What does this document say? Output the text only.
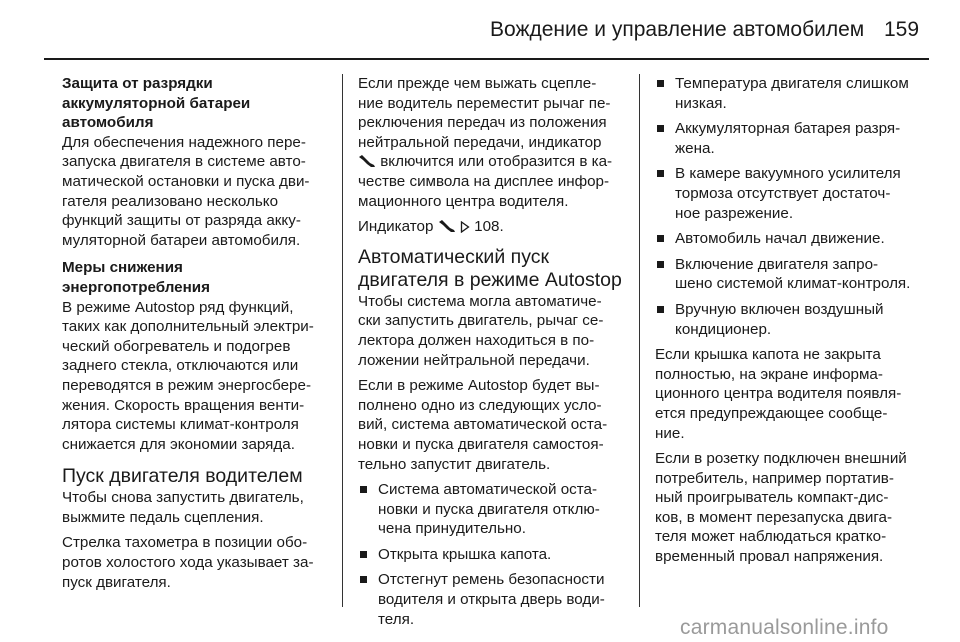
Вождение и управление автомобилем 159
Защита от разрядки
аккумуляторной батареи
автомобиля
Для обеспечения надежного пере-
запуска двигателя в системе авто-
матической остановки и пуска дви-
гателя реализовано несколько
функций защиты от разряда акку-
муляторной батареи автомобиля.
Меры снижения
энергопотребления
В режиме Autostop ряд функций,
таких как дополнительный электри-
ческий обогреватель и подогрев
заднего стекла, отключаются или
переводятся в режим энергосбере-
жения. Скорость вращения венти-
лятора системы климат-контроля
снижается для экономии заряда.
Пуск двигателя водителем
Чтобы снова запустить двигатель,
выжмите педаль сцепления.
Стрелка тахометра в позиции обо-
ротов холостого хода указывает за-
пуск двигателя.
Если прежде чем выжать сцепле-
ние водитель переместит рычаг пе-
реключения передач из положения
нейтральной передачи, индикатор
включится или отобразится в ка-
честве символа на дисплее инфор-
мационного центра водителя.
Индикатор	108.
Автоматический пуск
двигателя в режиме Autostop
Чтобы система могла автоматиче-
ски запустить двигатель, рычаг се-
лектора должен находиться в по-
ложении нейтральной передачи.
Если в режиме Autostop будет вы-
полнено одно из следующих усло-
вий, система автоматической оста-
новки и пуска двигателя самостоя-
тельно запустит двигатель.
Система автоматической оста-
новки и пуска двигателя отклю-
чена принудительно.
Открыта крышка капота.
Отстегнут ремень безопасности
водителя и открыта дверь води-
теля.
Температура двигателя слишком
низкая.
Аккумуляторная батарея разря-
жена.
В камере вакуумного усилителя
тормоза отсутствует достаточ-
ное разрежение.
Автомобиль начал движение.
Включение двигателя запро-
шено системой климат-контроля.
Вручную включен воздушный
кондиционер.
Если крышка капота не закрыта
полностью, на экране информа-
ционного центра водителя появля-
ется предупреждающее сообще-
ние.
Если в розетку подключен внешний
потребитель, например портатив-
ный проигрыватель компакт-дис-
ков, в момент перезапуска двига-
теля может наблюдаться кратко-
временный провал напряжения.
carmanualsonline.info
